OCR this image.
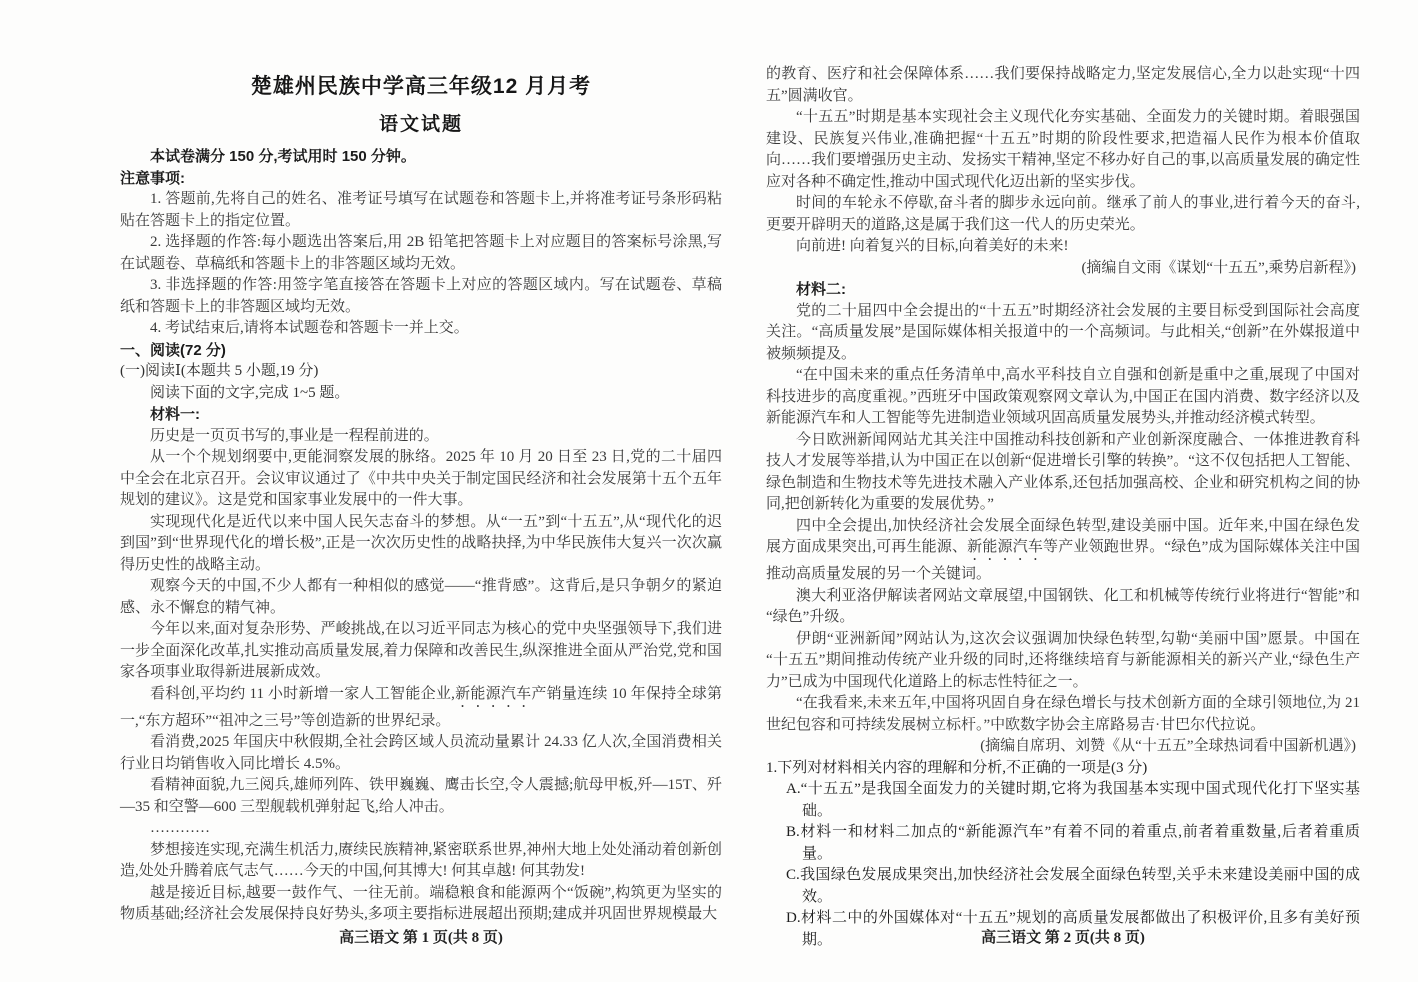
楚雄州民族中学高三年级12 月月考
语文试题

本试卷满分 150 分,考试用时 150 分钟。

注意事项:

1. 答题前,先将自己的姓名、准考证号填写在试题卷和答题卡上,并将准考证号条形码粘贴在答题卡上的指定位置。

2. 选择题的作答:每小题选出答案后,用 2B 铅笔把答题卡上对应题目的答案标号涂黑,写在试题卷、草稿纸和答题卡上的非答题区域均无效。

3. 非选择题的作答:用签字笔直接答在答题卡上对应的答题区域内。写在试题卷、草稿纸和答题卡上的非答题区域均无效。

4. 考试结束后,请将本试题卷和答题卡一并上交。

一、阅读(72 分)

(一)阅读Ⅰ(本题共 5 小题,19 分)

阅读下面的文字,完成 1~5 题。

材料一:

历史是一页页书写的,事业是一程程前进的。

从一个个规划纲要中,更能洞察发展的脉络。2025 年 10 月 20 日至 23 日,党的二十届四中全会在北京召开。会议审议通过了《中共中央关于制定国民经济和社会发展第十五个五年规划的建议》。这是党和国家事业发展中的一件大事。

实现现代化是近代以来中国人民矢志奋斗的梦想。从“一五”到“十五五”,从“现代化的迟到国”到“世界现代化的增长极”,正是一次次历史性的战略抉择,为中华民族伟大复兴一次次赢得历史性的战略主动。

观察今天的中国,不少人都有一种相似的感觉——“推背感”。这背后,是只争朝夕的紧迫感、永不懈怠的精气神。

今年以来,面对复杂形势、严峻挑战,在以习近平同志为核心的党中央坚强领导下,我们进一步全面深化改革,扎实推动高质量发展,着力保障和改善民生,纵深推进全面从严治党,党和国家各项事业取得新进展新成效。

看科创,平均约 11 小时新增一家人工智能企业,新能源汽车产销量连续 10 年保持全球第一,“东方超环”“祖冲之三号”等创造新的世界纪录。

看消费,2025 年国庆中秋假期,全社会跨区域人员流动量累计 24.33 亿人次,全国消费相关行业日均销售收入同比增长 4.5%。

看精神面貌,九三阅兵,雄师列阵、铁甲巍巍、鹰击长空,令人震撼;航母甲板,歼—15T、歼—35 和空警—600 三型舰载机弹射起飞,给人冲击。

…………

梦想接连实现,充满生机活力,赓续民族精神,紧密联系世界,神州大地上处处涌动着创新创造,处处升腾着底气志气……今天的中国,何其博大! 何其卓越! 何其勃发!

越是接近目标,越要一鼓作气、一往无前。端稳粮食和能源两个“饭碗”,构筑更为坚实的物质基础;经济社会发展保持良好势头,多项主要指标进展超出预期;建成并巩固世界规模最大

高三语文 第 1 页(共 8 页)

的教育、医疗和社会保障体系……我们要保持战略定力,坚定发展信心,全力以赴实现“十四五”圆满收官。

“十五五”时期是基本实现社会主义现代化夯实基础、全面发力的关键时期。着眼强国建设、民族复兴伟业,准确把握“十五五”时期的阶段性要求,把造福人民作为根本价值取向……我们要增强历史主动、发扬实干精神,坚定不移办好自己的事,以高质量发展的确定性应对各种不确定性,推动中国式现代化迈出新的坚实步伐。

时间的车轮永不停歇,奋斗者的脚步永远向前。继承了前人的事业,进行着今天的奋斗,更要开辟明天的道路,这是属于我们这一代人的历史荣光。

向前进! 向着复兴的目标,向着美好的未来!

(摘编自文雨《谋划“十五五”,乘势启新程》)

材料二:

党的二十届四中全会提出的“十五五”时期经济社会发展的主要目标受到国际社会高度关注。“高质量发展”是国际媒体相关报道中的一个高频词。与此相关,“创新”在外媒报道中被频频提及。

“在中国未来的重点任务清单中,高水平科技自立自强和创新是重中之重,展现了中国对科技进步的高度重视。”西班牙中国政策观察网文章认为,中国正在国内消费、数字经济以及新能源汽车和人工智能等先进制造业领域巩固高质量发展势头,并推动经济模式转型。

今日欧洲新闻网站尤其关注中国推动科技创新和产业创新深度融合、一体推进教育科技人才发展等举措,认为中国正在以创新“促进增长引擎的转换”。“这不仅包括把人工智能、绿色制造和生物技术等先进技术融入产业体系,还包括加强高校、企业和研究机构之间的协同,把创新转化为重要的发展优势。”

四中全会提出,加快经济社会发展全面绿色转型,建设美丽中国。近年来,中国在绿色发展方面成果突出,可再生能源、新能源汽车等产业领跑世界。“绿色”成为国际媒体关注中国推动高质量发展的另一个关键词。

澳大利亚洛伊解读者网站文章展望,中国钢铁、化工和机械等传统行业将进行“智能”和“绿色”升级。

伊朗“亚洲新闻”网站认为,这次会议强调加快绿色转型,勾勒“美丽中国”愿景。中国在“十五五”期间推动传统产业升级的同时,还将继续培育与新能源相关的新兴产业,“绿色生产力”已成为中国现代化道路上的标志性特征之一。

“在我看来,未来五年,中国将巩固自身在绿色增长与技术创新方面的全球引领地位,为 21 世纪包容和可持续发展树立标杆。”中欧数字协会主席路易吉·甘巴尔代拉说。

(摘编自席玥、刘赞《从“十五五”全球热词看中国新机遇》)

1.下列对材料相关内容的理解和分析,不正确的一项是(3 分)

A.“十五五”是我国全面发力的关键时期,它将为我国基本实现中国式现代化打下坚实基础。

B.材料一和材料二加点的“新能源汽车”有着不同的着重点,前者着重数量,后者着重质量。

C.我国绿色发展成果突出,加快经济社会发展全面绿色转型,关乎未来建设美丽中国的成效。

D.材料二中的外国媒体对“十五五”规划的高质量发展都做出了积极评价,且多有美好预期。	高三语文 第 2 页(共 8 页)
